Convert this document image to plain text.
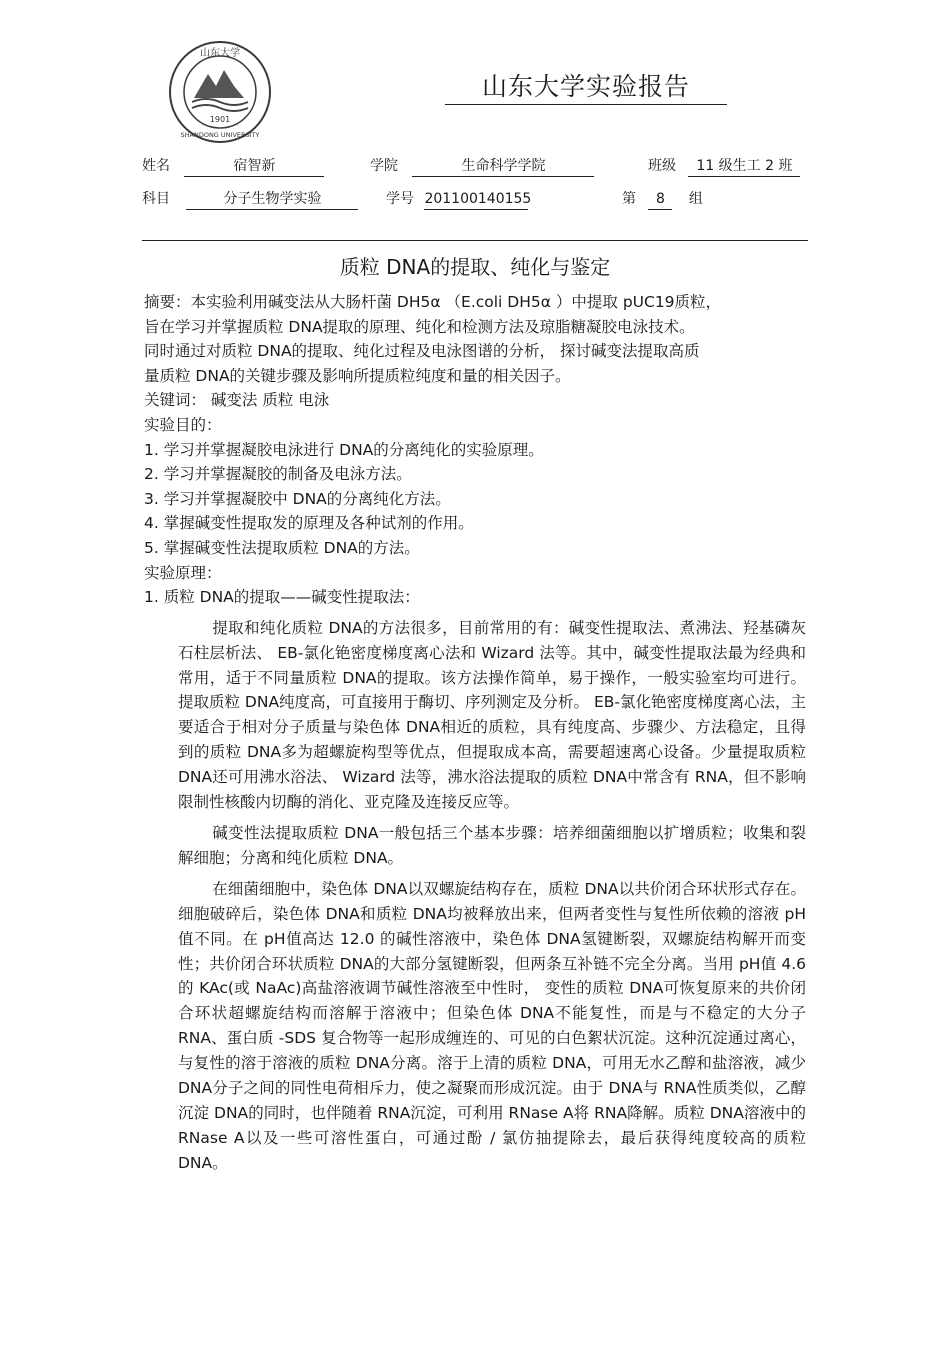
山东大学
1901
SHANDONG UNIVERSITY
山东大学实验报告
姓名	宿智新	学院	生命科学学院	班级 11 级生工 2 班
科目	分子生物学实验	学号 201100140155	第 8 组
质粒 DNA的提取、纯化与鉴定

摘要：本实验利用碱变法从大肠杆菌 DH5α （E.coli DH5α ）中提取 pUC19质粒，

旨在学习并掌握质粒 DNA提取的原理、纯化和检测方法及琼脂糖凝胶电泳技术。

同时通过对质粒 DNA的提取、纯化过程及电泳图谱的分析， 探讨碱变法提取高质

量质粒 DNA的关键步骤及影响所提质粒纯度和量的相关因子。

关键词： 碱变法 质粒 电泳

实验目的：

1. 学习并掌握凝胶电泳进行 DNA的分离纯化的实验原理。

2. 学习并掌握凝胶的制备及电泳方法。

3. 学习并掌握凝胶中 DNA的分离纯化方法。

4. 掌握碱变性提取发的原理及各种试剂的作用。

5. 掌握碱变性法提取质粒 DNA的方法。

实验原理：

1. 质粒 DNA的提取——碱变性提取法：

提取和纯化质粒 DNA的方法很多，目前常用的有：碱变性提取法、煮沸法、羟基磷灰石柱层析法、 EB-氯化铯密度梯度离心法和 Wizard 法等。其中，碱变性提取法最为经典和常用，适于不同量质粒 DNA的提取。该方法操作简单，易于操作，一般实验室均可进行。提取质粒 DNA纯度高，可直接用于酶切、序列测定及分析。 EB-氯化铯密度梯度离心法，主要适合于相对分子质量与染色体 DNA相近的质粒，具有纯度高、步骤少、方法稳定，且得到的质粒 DNA多为超螺旋构型等优点，但提取成本高，需要超速离心设备。少量提取质粒 DNA还可用沸水浴法、 Wizard 法等，沸水浴法提取的质粒 DNA中常含有 RNA，但不影响限制性核酸内切酶的消化、亚克隆及连接反应等。

碱变性法提取质粒 DNA一般包括三个基本步骤：培养细菌细胞以扩增质粒；收集和裂解细胞；分离和纯化质粒 DNA。

在细菌细胞中，染色体 DNA以双螺旋结构存在，质粒 DNA以共价闭合环状形式存在。细胞破碎后，染色体 DNA和质粒 DNA均被释放出来，但两者变性与复性所依赖的溶液 pH值不同。在 pH值高达 12.0 的碱性溶液中，染色体 DNA氢键断裂，双螺旋结构解开而变性；共价闭合环状质粒 DNA的大部分氢键断裂，但两条互补链不完全分离。当用 pH值 4.6 的 KAc(或 NaAc)高盐溶液调节碱性溶液至中性时， 变性的质粒 DNA可恢复原来的共价闭合环状超螺旋结构而溶解于溶液中；但染色体 DNA不能复性，而是与不稳定的大分子 RNA、蛋白质 -SDS 复合物等一起形成缠连的、可见的白色絮状沉淀。这种沉淀通过离心，与复性的溶于溶液的质粒 DNA分离。溶于上清的质粒 DNA，可用无水乙醇和盐溶液，减少 DNA分子之间的同性电荷相斥力，使之凝聚而形成沉淀。由于 DNA与 RNA性质类似，乙醇沉淀 DNA的同时，也伴随着 RNA沉淀，可利用 RNase A将 RNA降解。质粒 DNA溶液中的 RNase A以及一些可溶性蛋白，可通过酚 / 氯仿抽提除去，最后获得纯度较高的质粒 DNA。
